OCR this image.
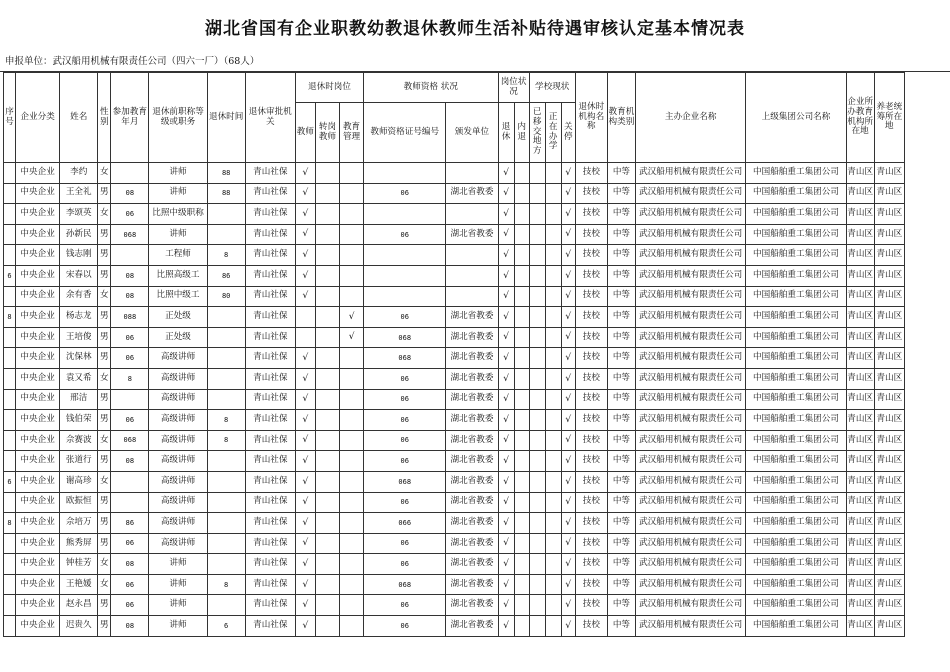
湖北省国有企业职教幼教退休教师生活补贴待遇审核认定基本情况表
申报单位：武汉船用机械有限责任公司（四六一厂）（68人）
序号	企业分类	姓名	性别	参加教育年月	退休前职称等级或职务	退休时间	退休审批机关	退休时岗位			教师资格 状况		岗位状况		学校现状			退休时机构名称	教育机构类别	主办企业名称	上级集团公司名称	企业所办教育机构所在地	养老统筹所在地
								教师	转岗教师	教育管理	教师资格证号编号	颁发单位	退休	内退	已移交地方	正在办学	关停						
	中央企业	李约	女		讲师	88	青山社保	√					√				√	技校	中等	武汉船用机械有限责任公司	中国船舶重工集团公司	青山区	青山区
	中央企业	王全礼	男	08	讲师	88	青山社保	√			06	湖北省教委	√				√	技校	中等	武汉船用机械有限责任公司	中国船舶重工集团公司	青山区	青山区
	中央企业	李颂英	女	06	比照中级职称		青山社保	√					√				√	技校	中等	武汉船用机械有限责任公司	中国船舶重工集团公司	青山区	青山区
	中央企业	孙新民	男	068	讲师		青山社保	√			06	湖北省教委	√				√	技校	中等	武汉船用机械有限责任公司	中国船舶重工集团公司	青山区	青山区
	中央企业	钱志刚	男		工程师	8	青山社保	√					√				√	技校	中等	武汉船用机械有限责任公司	中国船舶重工集团公司	青山区	青山区
6	中央企业	宋春以	男	08	比照高级工	86	青山社保	√					√				√	技校	中等	武汉船用机械有限责任公司	中国船舶重工集团公司	青山区	青山区
	中央企业	余有香	女	08	比照中级工	80	青山社保	√					√				√	技校	中等	武汉船用机械有限责任公司	中国船舶重工集团公司	青山区	青山区
8	中央企业	杨志龙	男	088	正处级		青山社保			√	06	湖北省教委	√				√	技校	中等	武汉船用机械有限责任公司	中国船舶重工集团公司	青山区	青山区
	中央企业	王培俊	男	06	正处级		青山社保			√	068	湖北省教委	√				√	技校	中等	武汉船用机械有限责任公司	中国船舶重工集团公司	青山区	青山区
	中央企业	沈保林	男	06	高级讲师		青山社保	√			068	湖北省教委	√				√	技校	中等	武汉船用机械有限责任公司	中国船舶重工集团公司	青山区	青山区
	中央企业	袁又希	女	8	高级讲师		青山社保	√			06	湖北省教委	√				√	技校	中等	武汉船用机械有限责任公司	中国船舶重工集团公司	青山区	青山区
	中央企业	邢洁	男		高级讲师		青山社保	√			06	湖北省教委	√				√	技校	中等	武汉船用机械有限责任公司	中国船舶重工集团公司	青山区	青山区
	中央企业	钱伯荣	男	06	高级讲师	8	青山社保	√			06	湖北省教委	√				√	技校	中等	武汉船用机械有限责任公司	中国船舶重工集团公司	青山区	青山区
	中央企业	佘赛波	女	068	高级讲师	8	青山社保	√			06	湖北省教委	√				√	技校	中等	武汉船用机械有限责任公司	中国船舶重工集团公司	青山区	青山区
	中央企业	张道行	男	08	高级讲师		青山社保	√			06	湖北省教委	√				√	技校	中等	武汉船用机械有限责任公司	中国船舶重工集团公司	青山区	青山区
6	中央企业	谢高珍	女		高级讲师		青山社保	√			068	湖北省教委	√				√	技校	中等	武汉船用机械有限责任公司	中国船舶重工集团公司	青山区	青山区
	中央企业	欧振恒	男		高级讲师		青山社保	√			06	湖北省教委	√				√	技校	中等	武汉船用机械有限责任公司	中国船舶重工集团公司	青山区	青山区
8	中央企业	佘培万	男	86	高级讲师		青山社保	√			066	湖北省教委	√				√	技校	中等	武汉船用机械有限责任公司	中国船舶重工集团公司	青山区	青山区
	中央企业	熊秀屏	男	06	高级讲师		青山社保	√			06	湖北省教委	√				√	技校	中等	武汉船用机械有限责任公司	中国船舶重工集团公司	青山区	青山区
	中央企业	钟桂芳	女	08	讲师		青山社保	√			06	湖北省教委	√				√	技校	中等	武汉船用机械有限责任公司	中国船舶重工集团公司	青山区	青山区
	中央企业	王艳媛	女	06	讲师	8	青山社保	√			068	湖北省教委	√				√	技校	中等	武汉船用机械有限责任公司	中国船舶重工集团公司	青山区	青山区
	中央企业	赵永昌	男	06	讲师		青山社保	√			06	湖北省教委	√				√	技校	中等	武汉船用机械有限责任公司	中国船舶重工集团公司	青山区	青山区
	中央企业	迟贵久	男	08	讲师	6	青山社保	√			06	湖北省教委	√				√	技校	中等	武汉船用机械有限责任公司	中国船舶重工集团公司	青山区	青山区
